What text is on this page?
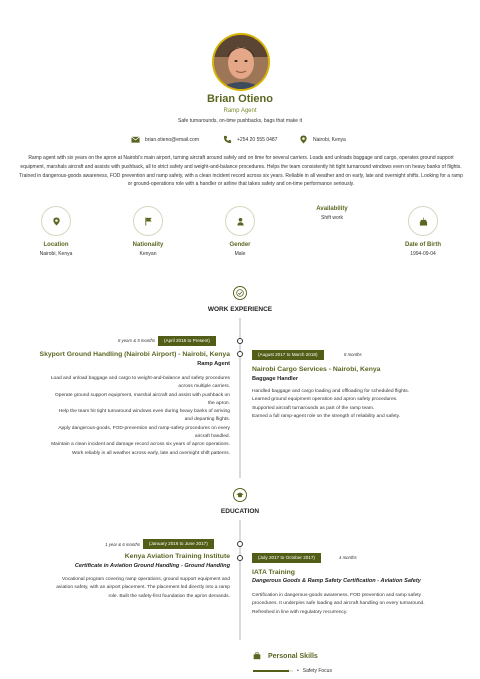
Brian Otieno
Ramp Agent
Safe turnarounds, on-time pushbacks, bags that make it
brian.otieno@email.com	+254 20 555 0487	Nairobi, Kenya
Ramp agent with six years on the apron at Nairobi's main airport, turning aircraft around safely and on time for several carriers. Loads and unloads baggage and cargo, operates ground support equipment, marshals aircraft and assists with pushback, all to strict safety and weight-and-balance procedures. Helps the team consistently hit tight turnaround windows even on heavy banks of flights. Trained in dangerous-goods awareness, FOD prevention and ramp safety, with a clean incident record across six years. Reliable in all weather and on early, late and overnight shifts. Looking for a ramp or ground-operations role with a handler or airline that takes safety and on-time performance seriously.
Location
Nairobi, Kenya
Nationality
Kenyan
Gender
Male
Availability
Shift work
Date of Birth
1994-09-04
WORK EXPERIENCE
6 years & 5 months	(April 2018 to Present)
Skyport Ground Handling (Nairobi Airport) - Nairobi, Kenya
Ramp Agent
Load and unload baggage and cargo to weight-and-balance and safety procedures
across multiple carriers.
Operate ground support equipment, marshal aircraft and assist with pushback on
the apron.
Help the team hit tight turnaround windows even during heavy banks of arriving
and departing flights.
Apply dangerous-goods, FOD-prevention and ramp-safety procedures on every
aircraft handled.
Maintain a clean incident and damage record across six years of apron operations.
Work reliably in all weather across early, late and overnight shift patterns.
(August 2017 to March 2018)	8 months
Nairobi Cargo Services - Nairobi, Kenya
Baggage Handler
Handled baggage and cargo loading and offloading for scheduled flights.
Learned ground equipment operation and apron safety procedures.
Supported aircraft turnarounds as part of the ramp team.
Earned a full ramp-agent role on the strength of reliability and safety.
EDUCATION
1 year & 6 months	(January 2016 to June 2017)
Kenya Aviation Training Institute
Certificate in Aviation Ground Handling - Ground Handling
Vocational program covering ramp operations, ground support equipment and
aviation safety, with an airport placement. The placement led directly into a ramp
role. Built the safety-first foundation the apron demands.
(July 2017 to October 2017)	4 months
IATA Training
Dangerous Goods & Ramp Safety Certification - Aviation Safety
Certification in dangerous-goods awareness, FOD prevention and ramp safety
procedures. It underpins safe loading and aircraft handling on every turnaround.
Refreshed in line with regulatory recurrency.
Personal Skills
• Safety Focus
